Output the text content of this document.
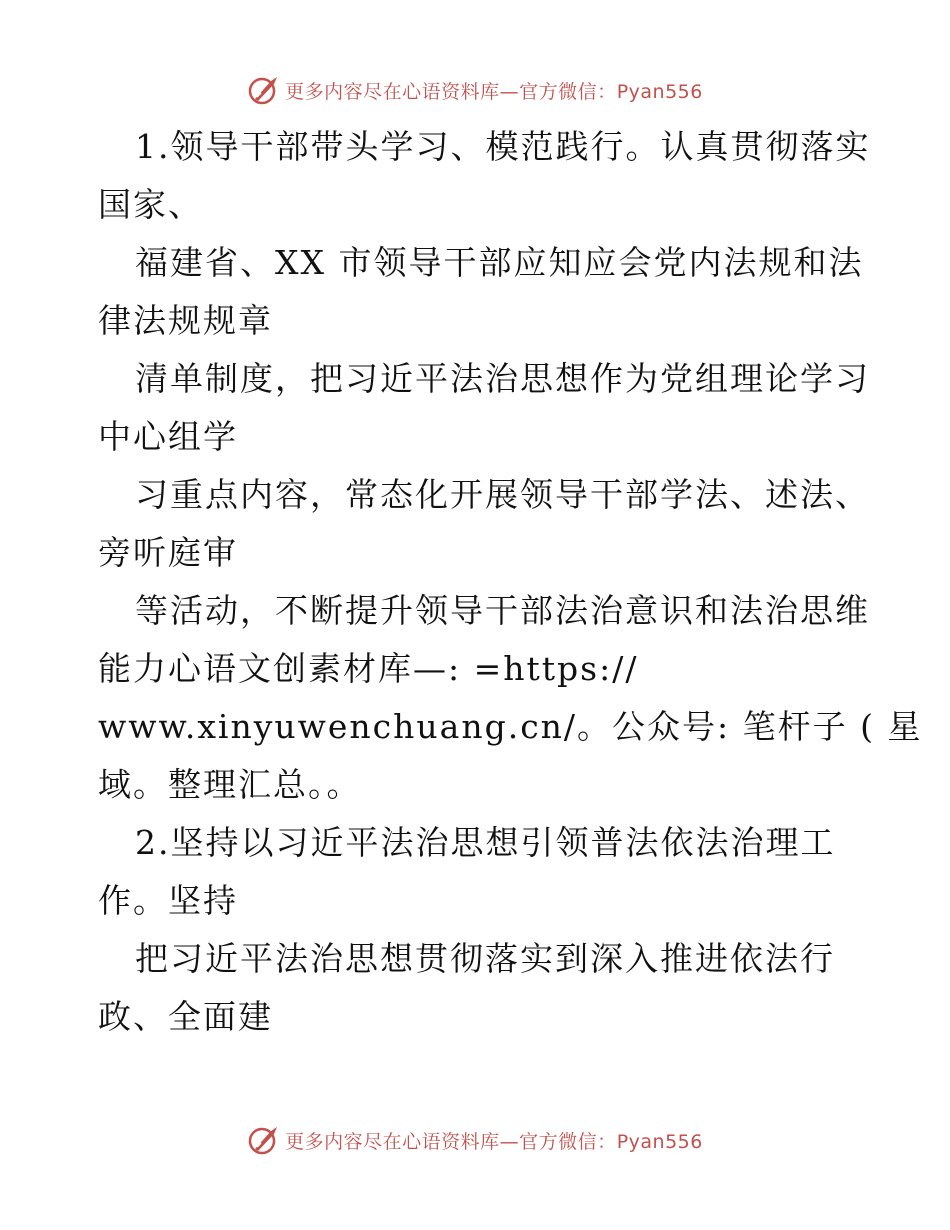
更多内容尽在心语资料库—官方微信：Pyan556
1.领导干部带头学习、模范践行。认真贯彻落实
国家、
福建省、XX 市领导干部应知应会党内法规和法
律法规规章
清单制度，把习近平法治思想作为党组理论学习
中心组学
习重点内容，常态化开展领导干部学法、述法、
旁听庭审
等活动，不断提升领导干部法治意识和法治思维
能力心语文创素材库—: =https://
www.xinyuwenchuang.cn/。公众号: 笔杆子 ( 星
域。整理汇总。。
2.坚持以习近平法治思想引领普法依法治理工
作。坚持
把习近平法治思想贯彻落实到深入推进依法行
政、全面建
更多内容尽在心语资料库—官方微信：Pyan556
